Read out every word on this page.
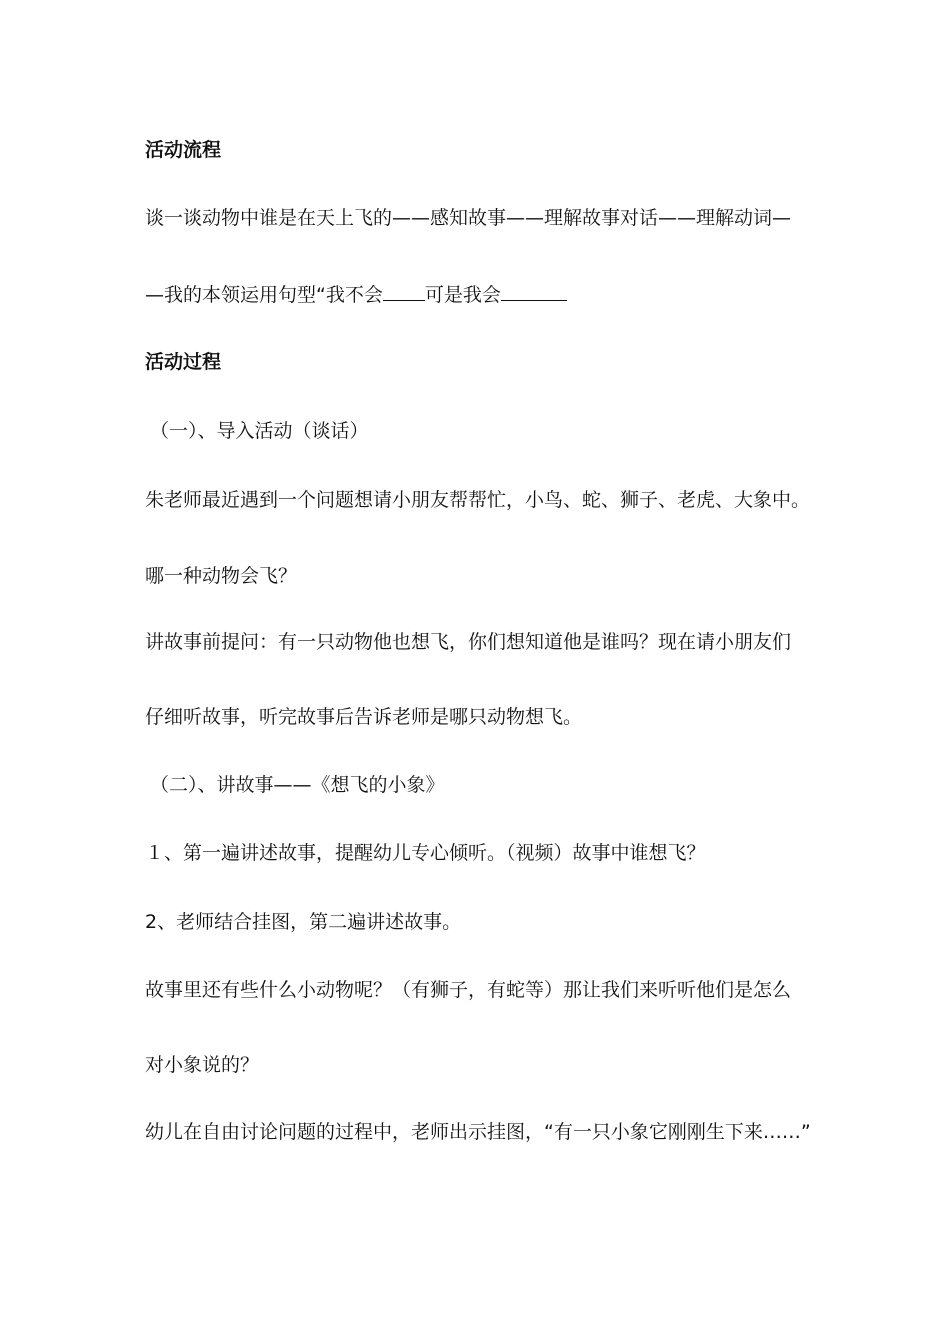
活动流程
谈一谈动物中谁是在天上飞的——感知故事——理解故事对话——理解动词—
—我的本领运用句型“我不会 可是我会
活动过程
（一）、导入活动（谈话）
朱老师最近遇到一个问题想请小朋友帮帮忙，小鸟、蛇、狮子、老虎、大象中。
哪一种动物会飞？
讲故事前提问：有一只动物他也想飞，你们想知道他是谁吗？现在请小朋友们
仔细听故事，听完故事后告诉老师是哪只动物想飞。
（二）、讲故事——《想飞的小象》
１、第一遍讲述故事，提醒幼儿专心倾听。（视频）故事中谁想飞？
2、老师结合挂图，第二遍讲述故事。
故事里还有些什么小动物呢？（有狮子，有蛇等）那让我们来听听他们是怎么
对小象说的？
幼儿在自由讨论问题的过程中，老师出示挂图，“有一只小象它刚刚生下来……”
